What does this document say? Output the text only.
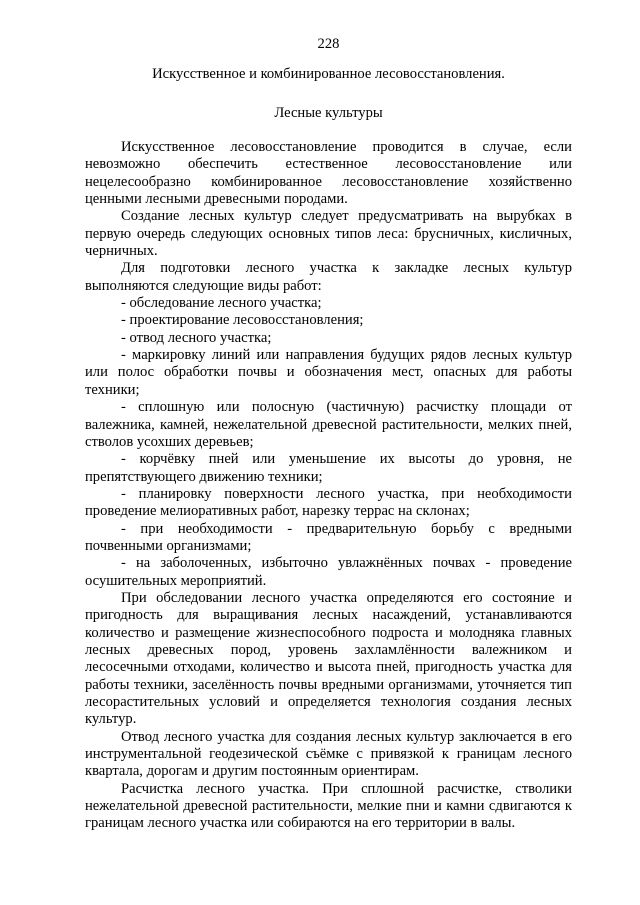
228
Искусственное и комбинированное лесовосстановления.
Лесные культуры

Искусственное лесовосстановление проводится в случае, если невозможно обеспечить естественное лесовосстановление или нецелесообразно комбинированное лесовосстановление хозяйственно ценными лесными древесными породами.

Создание лесных культур следует предусматривать на вырубках в первую очередь следующих основных типов леса: брусничных, кисличных, черничных.

Для подготовки лесного участка к закладке лесных культур выполняются следующие виды работ:

- обследование лесного участка;

- проектирование лесовосстановления;

- отвод лесного участка;

- маркировку линий или направления будущих рядов лесных культур или полос обработки почвы и обозначения мест, опасных для работы техники;

- сплошную или полосную (частичную) расчистку площади от валежника, камней, нежелательной древесной растительности, мелких пней, стволов усохших деревьев;

- корчёвку пней или уменьшение их высоты до уровня, не препятствующего движению техники;

- планировку поверхности лесного участка, при необходимости проведение мелиоративных работ, нарезку террас на склонах;

- при необходимости - предварительную борьбу с вредными почвенными организмами;

- на заболоченных, избыточно увлажнённых почвах - проведение осушительных мероприятий.

При обследовании лесного участка определяются его состояние и пригодность для выращивания лесных насаждений, устанавливаются количество и размещение жизнеспособного подроста и молодняка главных лесных древесных пород, уровень захламлённости валежником и лесосечными отходами, количество и высота пней, пригодность участка для работы техники, заселённость почвы вредными организмами, уточняется тип лесорастительных условий и определяется технология создания лесных культур.

Отвод лесного участка для создания лесных культур заключается в его инструментальной геодезической съёмке с привязкой к границам лесного квартала, дорогам и другим постоянным ориентирам.

Расчистка лесного участка. При сплошной расчистке, стволики нежелательной древесной растительности, мелкие пни и камни сдвигаются к границам лесного участка или собираются на его территории в валы.
